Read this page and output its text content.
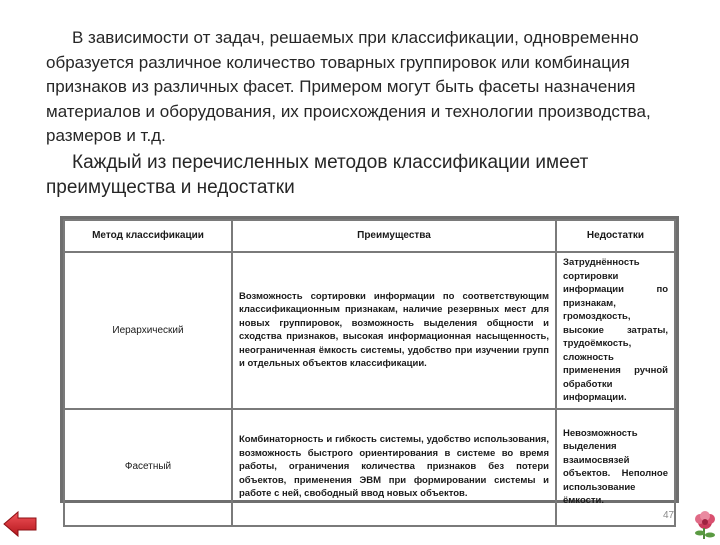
В зависимости от задач, решаемых при классификации, одновременно образуется различное количество товарных группировок или комбинация признаков из различных фасет. Примером могут быть фасеты назначения материалов и оборудования, их происхождения и технологии производства, размеров и т.д.
Каждый из перечисленных методов классификации имеет преимущества и недостатки
Метод классификации	Преимущества	Недостатки
Иерархический	Возможность сортировки информации по соответствующим классификационным признакам, наличие резервных мест для новых группировок, возможность выделения общности и сходства признаков, высокая информационная насыщенность, неограниченная ёмкость системы, удобство при изучении групп и отдельных объектов классификации.	Затруднённость сортировки информации по признакам, громоздкость, высокие затраты, трудоёмкость, сложность применения ручной обработки информации.
Фасетный	Комбинаторность и гибкость системы, удобство использования, возможность быстрого ориентирования в системе во время работы, ограничения количества признаков без потери объектов, применения ЭВМ при формировании системы и работе с ней, свободный ввод новых объектов.	Невозможность выделения взаимосвязей объектов. Неполное использование ёмкости.
47
